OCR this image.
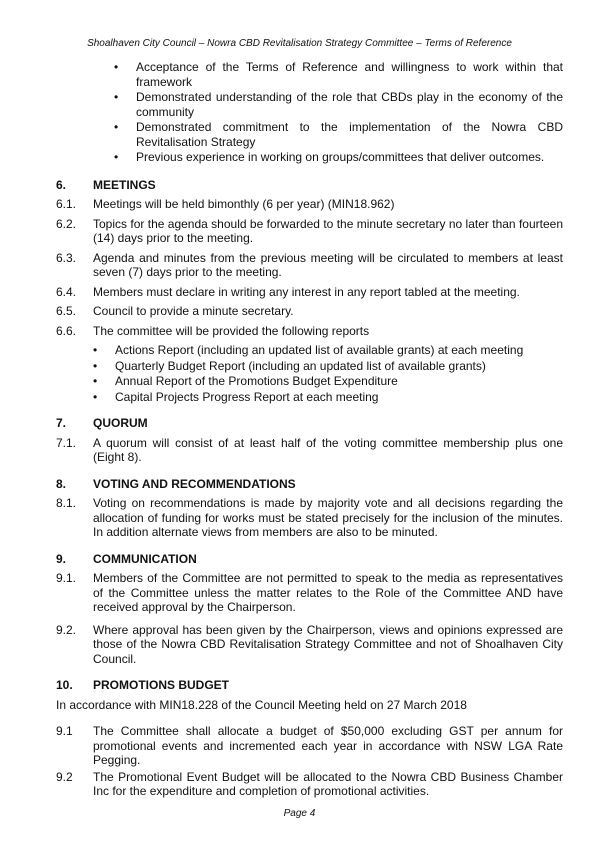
Shoalhaven City Council – Nowra CBD Revitalisation Strategy Committee – Terms of Reference
•	Acceptance of the Terms of Reference and willingness to work within that framework
•	Demonstrated understanding of the role that CBDs play in the economy of the community
•	Demonstrated commitment to the implementation of the Nowra CBD Revitalisation Strategy
•	Previous experience in working on groups/committees that deliver outcomes.
6.	MEETINGS
6.1.	Meetings will be held bimonthly (6 per year) (MIN18.962)
6.2.	Topics for the agenda should be forwarded to the minute secretary no later than fourteen (14) days prior to the meeting.
6.3.	Agenda and minutes from the previous meeting will be circulated to members at least seven (7) days prior to the meeting.
6.4.	Members must declare in writing any interest in any report tabled at the meeting.
6.5.	Council to provide a minute secretary.
6.6.	The committee will be provided the following reports
•	Actions Report (including an updated list of available grants) at each meeting
•	Quarterly Budget Report (including an updated list of available grants)
•	Annual Report of the Promotions Budget Expenditure
•	Capital Projects Progress Report at each meeting
7.	QUORUM
7.1.	A quorum will consist of at least half of the voting committee membership plus one (Eight 8).
8.	VOTING AND RECOMMENDATIONS
8.1.	Voting on recommendations is made by majority vote and all decisions regarding the allocation of funding for works must be stated precisely for the inclusion of the minutes. In addition alternate views from members are also to be minuted.
9.	COMMUNICATION
9.1.	Members of the Committee are not permitted to speak to the media as representatives of the Committee unless the matter relates to the Role of the Committee AND have received approval by the Chairperson.
9.2.	Where approval has been given by the Chairperson, views and opinions expressed are those of the Nowra CBD Revitalisation Strategy Committee and not of Shoalhaven City Council.
10.	PROMOTIONS BUDGET
In accordance with MIN18.228 of the Council Meeting held on 27 March 2018
9.1	The Committee shall allocate a budget of $50,000 excluding GST per annum for promotional events and incremented each year in accordance with NSW LGA Rate Pegging.
9.2	The Promotional Event Budget will be allocated to the Nowra CBD Business Chamber Inc for the expenditure and completion of promotional activities.
Page 4
